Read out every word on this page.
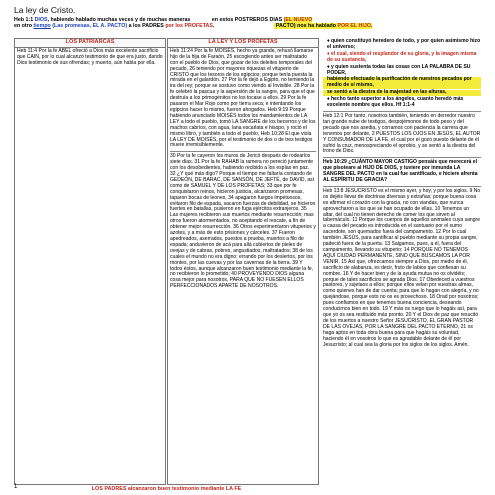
La ley de Cristo.
Heb 1:1 DIOS, habiendo hablado muchas veces y de muchas maneras	en estos POSTREROS DIAS (EL NUEVO
en otro tiempo (Las promesas, EL A. PACTO) a los PADRES por los PROFETAS,	PACTO) nos ha hablado POR EL HIJO,
LOS PATRIARCAS

Heb 11:4 Por la fe ABEL ofreció a Dios más excelente sacrificio que CAIN, por lo cual alcanzó testimonio de que era justo, dando Dios testimonio de sus ofrendas; y muerto, aún habla por ella.

LA LEY Y LOS PROFETAS

Heb 11:24 Por la fe MOISÉS, hecho ya grande, rehusó llamarse hijo de la hija de Faraón, 25 escogiendo antes ser maltratado con el pueblo de Dios, que gozar de los deleites temporales del pecado, 26 teniendo por mayores riquezas el vituperio de CRISTO que los tesoros de los egipcios; porque tenía puesta la mirada en el galardón. 27 Por la fe dejó a Egipto, no temiendo la ira del rey; porque se sostuvo como viendo al Invisible. 28 Por la fe celebró la pascua y la aspersión de la sangre, para que el que destruía a los primogénitos no los tocase a ellos. 29 Por la fe pasaron el Mar Rojo como por tierra seca; e intentando los egipcios hacer lo mismo, fueron ahogados. Heb 9:19 Porque habiendo anunciado MOISÉS todos los mandamientos de LA LEY a todo el pueblo, tomó LA SANGRE de los becerros y de los machos cabríos, con agua, lana escarlata e hisopo, y roció el mismo libro, y también a todo el pueblo, Heb 10:28 El que viola LA LEY DE MOISÉS, por el testimonio de dos o de tres testigos muere irremisiblemente.

30 Por la fe cayeron los muros de Jericó después de rodearlos siete días. 31 Por la fe RAHAB la ramera no pereció juntamente con los desobedientes, habiendo recibido a los espías en paz. 32 ¿Y qué más digo? Porque el tiempo me faltaría contando de GEDEÓN, DE BARAC, DE SANSÓN, DE JEFTÉ, de DAVID, así como de SAMUEL Y DE LOS PROFETAS; 33 que por fe conquistaron reinos, hicieron justicia, alcanzaron promesas, taparon bocas de leones, 34 apagaron fuegos impetuosos, evitaron filo de espada, sacaron fuerzas de debilidad, se hicieron fuertes en batallas, pusieron en fuga ejércitos extranjeros. 35 Las mujeres recibieron sus muertos mediante resurrección; mas otros fueron atormentados, no aceptando el rescate, a fin de obtener mejor resurrección. 36 Otros experimentaron vituperios y azotes, y a más de esto prisiones y cárceles. 37 Fueron apedreados, aserrados, puestos a prueba, muertos a filo de espada; anduvieron de acá para allá cubiertos de pieles de ovejas y de cabras, pobres, angustiados, maltratados; 38 de los cuales el mundo no era digno; errando por los desiertos, por los montes, por las cuevas y por las cavernas de la tierra. 39 Y todos éstos, aunque alcanzaron buen testimonio mediante la fe, no recibieron lo prometido; 40 PROVEYENDO DIOS alguna cosa mejor para nosotros, PARA QUE NO FUESEN ELLOS PERFECCIONADOS APARTE DE NOSOTROS.

♦ quien constituyó heredero de todo, y por quien asimismo hizo el universo;

♦ el cual, siendo el resplandor de su gloria, y la imagen misma de su sustancia,

♦ y quien sustenta todas las cosas con LA PALABRA DE SU PODER,

habiendo efectuado la purificación de nuestros pecados por medio de sí mismo,

se sentó a la diestra de la majestad en las alturas,

♦ hecho tanto superior a los ángeles, cuanto heredó más excelente nombre que ellos. Hf 1:1-4

Heb 12:1 Por tanto, nosotros también, teniendo en derredor nuestro tan grande nube de testigos, despojémonos de todo peso y del pecado que nos asedia, y corramos con paciencia la carrera que tenemos por delante, 2 PUESTOS LOS OJOS EN JESÚS, EL AUTOR Y CONSUMADOR DE LA FE, el cual por el gozo puesto delante de él sufrió la cruz, menospreciando el oprobio, y se sentó a la diestra del trono de Dios.

Heb 10:29 ¿CUÁNTO MAYOR CASTIGO pensáis que merecerá el que pisoteare al HIJO DE DIOS, y tuviere por inmunda LA SANGRE DEL PACTO en la cual fue santificado, e hiciere afrenta AL ESPÍRITU DE GRACIA?

Heb 13:8 JESUCRISTO es el mismo ayer, y hoy, y por los siglos. 9 No os dejéis llevar de doctrinas diversas y extrañas; porque buena cosa es afirmar el corazón con la gracia, no con viandas, que nunca aprovecharon a los que se han ocupado de ellas. 10 Tenemos un altar, del cual no tienen derecho de comer los que sirven al tabernáculo. 11 Porque los cuerpos de aquellos animales cuya sangre a causa del pecado es introducida en el santuario por el sumo sacerdote, son quemados fuera del campamento. 12 Por lo cual también JESÚS, para santificar al pueblo mediante su propia sangre, padeció fuera de la puerta. 13 Salgamos, pues, a él, fuera del campamento, llevando su vituperio; 14 PORQUE NO TENEMOS AQUÍ CIUDAD PERMANENTE, SINO QUE BUSCAMOS LA POR VENIR. 15 Así que, ofrezcamos siempre a Dios, por medio de él, sacrificio de alabanza, es decir, fruto de labios que confiesan su nombre. 16 Y de hacer bien y de la ayuda mutua no os olvidéis; porque de tales sacrificios se agrada Dios. 17 Obedeced a vuestros pastores, y sujetaos a ellos; porque ellos velan por vuestras almas, como quienes han de dar cuenta; para que lo hagan con alegría, y no quejándose, porque esto no os es provechoso. 18 Orad por nosotros; pues confiamos en que tenemos buena conciencia, deseando conducirnos bien en todo. 19 Y más os ruego que lo hagáis así, para que yo os sea restituido más pronto. 20 Y el Dios de paz que resucitó de los muertos a nuestro Señor JESUCRISTO, EL GRAN PASTOR DE LAS OVEJAS, POR LA SANGRE DEL PACTO ETERNO, 21 os haga aptos en toda obra buena para que hagáis su voluntad, haciendo él en vosotros lo que es agradable delante de él por Jesucristo; al cual sea la gloria por los siglos de los siglos. Amén.

LOS PADRES alcanzaron buen testimonio mediante LA FE
1
